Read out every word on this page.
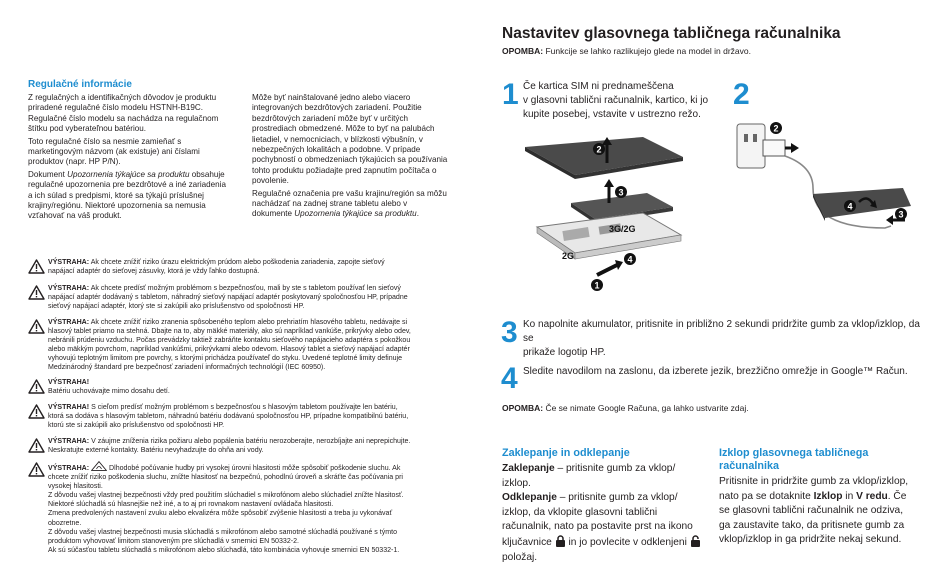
Regulačné informácie

Z regulačných a identifikačných dôvodov je produktu priradené regulačné číslo modelu HSTNH-B19C. Regulačné číslo modelu sa nachádza na regulačnom štítku pod vyberateľnou batériou.

Toto regulačné číslo sa nesmie zamieňať s marketingovým názvom (ak existuje) ani číslami produktov (napr. HP P/N).

Dokument Upozornenia týkajúce sa produktu obsahuje regulačné upozornenia pre bezdrôtové a iné zariadenia a ich súlad s predpismi, ktoré sa týkajú príslušnej krajiny/regiónu. Niektoré upozornenia sa nemusia vzťahovať na váš produkt.

Môže byť nainštalované jedno alebo viacero integrovaných bezdrôtových zariadení. Použitie bezdrôtových zariadení môže byť v určitých prostrediach obmedzené. Môže to byť na palubách lietadiel, v nemocniciach, v blízkosti výbušnín, v nebezpečných lokalitách a podobne. V prípade pochybností o obmedzeniach týkajúcich sa používania tohto produktu požiadajte pred zapnutím počítača o povolenie.

Regulačné označenia pre vašu krajinu/región sa môžu nachádzať na zadnej strane tabletu alebo v dokumente Upozornenia týkajúce sa produktu.

VÝSTRAHA: Ak chcete znížiť riziko úrazu elektrickým prúdom alebo poškodenia zariadenia, zapojte sieťový
napájací adaptér do sieťovej zásuvky, ktorá je vždy ľahko dostupná.
VÝSTRAHA: Ak chcete predísť možným problémom s bezpečnosťou, mali by ste s tabletom používať len sieťový
napájací adaptér dodávaný s tabletom, náhradný sieťový napájací adaptér poskytovaný spoločnosťou HP, prípadne
sieťový napájací adaptér, ktorý ste si zakúpili ako príslušenstvo od spoločnosti HP.
VÝSTRAHA: Ak chcete znížiť riziko zranenia spôsobeného teplom alebo prehriatím hlasového tabletu, nedávajte si
hlasový tablet priamo na stehná. Dbajte na to, aby mäkké materiály, ako sú napríklad vankúše, prikrývky alebo odev,
nebránili prúdeniu vzduchu. Počas prevádzky taktiež zabráňte kontaktu sieťového napájacieho adaptéra s pokožkou
alebo mäkkým povrchom, napríklad vankúšmi, prikrývkami alebo odevom. Hlasový tablet a sieťový napájací adaptér
vyhovujú teplotným limitom pre povrchy, s ktorými prichádza používateľ do styku. Uvedené teplotné limity definuje
Medzinárodný štandard pre bezpečnosť zariadení informačných technológií (IEC 60950).
VÝSTRAHA!
Batériu uchovávajte mimo dosahu detí.
VÝSTRAHA! S cieľom predísť možným problémom s bezpečnosťou s hlasovým tabletom používajte len batériu,
ktorá sa dodáva s hlasovým tabletom, náhradnú batériu dodávanú spoločnosťou HP, prípadne kompatibilnú batériu,
ktorú ste si zakúpili ako príslušenstvo od spoločnosti HP.
VÝSTRAHA: V záujme zníženia rizika požiaru alebo popálenia batériu nerozoberajte, nerozbíjajte ani neprepichujte.
Neskratujte externé kontakty. Batériu nevyhadzujte do ohňa ani vody.
VÝSTRAHA:	Dlhodobé počúvanie hudby pri vysokej úrovni hlasitosti môže spôsobiť poškodenie sluchu. Ak
chcete znížiť riziko poškodenia sluchu, znížte hlasitosť na bezpečnú, pohodlnú úroveň a skráťte čas počúvania pri
vysokej hlasitosti.
Z dôvodu vašej vlastnej bezpečnosti vždy pred použitím slúchadiel s mikrofónom alebo slúchadiel znížte hlasitosť.
Niektoré slúchadlá sú hlasnejšie než iné, a to aj pri rovnakom nastavení ovládača hlasitosti.
Zmena predvolených nastavení zvuku alebo ekvalizéra môže spôsobiť zvýšenie hlasitosti a treba ju vykonávať
obozretne.
Z dôvodu vašej vlastnej bezpečnosti musia slúchadlá s mikrofónom alebo samotné slúchadlá používané s týmto
produktom vyhovovať limitom stanoveným pre slúchadlá v smernici EN 50332-2.
Ak sú súčasťou tabletu slúchadlá s mikrofónom alebo slúchadlá, táto kombinácia vyhovuje smernici EN 50332-1.
Nastavitev glasovnega tabličnega računalnika
OPOMBA: Funkcije se lahko razlikujejo glede na model in državo.
1 Če kartica SIM ni prednameščena
v glasovni tablični računalnik, kartico, ki jo
kupite posebej, vstavite v ustrezno režo.
2
3
4
1
3G/2G
2G
2
2
4
3
3 Ko napolnite akumulator, pritisnite in približno 2 sekundi pridržite gumb za vklop/izklop, da se
prikaže logotip HP.
4 Sledite navodilom na zaslonu, da izberete jezik, brezžično omrežje in Google™ Račun.
OPOMBA: Če se nimate Google Računa, ga lahko ustvarite zdaj.
Zaklepanje in odklepanje
Zaklepanje – pritisnite gumb za vklop/
izklop.
Odklepanje – pritisnite gumb za vklop/
izklop, da vklopite glasovni tablični
računalnik, nato pa postavite prst na ikono
ključavnice  in jo povlecite v odklenjeni
položaj.
Izklop glasovnega tabličnega
računalnika
Pritisnite in pridržite gumb za vklop/izklop,
nato pa se dotaknite Izklop in V redu. Če
se glasovni tablični računalnik ne odziva,
ga zaustavite tako, da pritisnete gumb za
vklop/izklop in ga pridržite nekaj sekund.
